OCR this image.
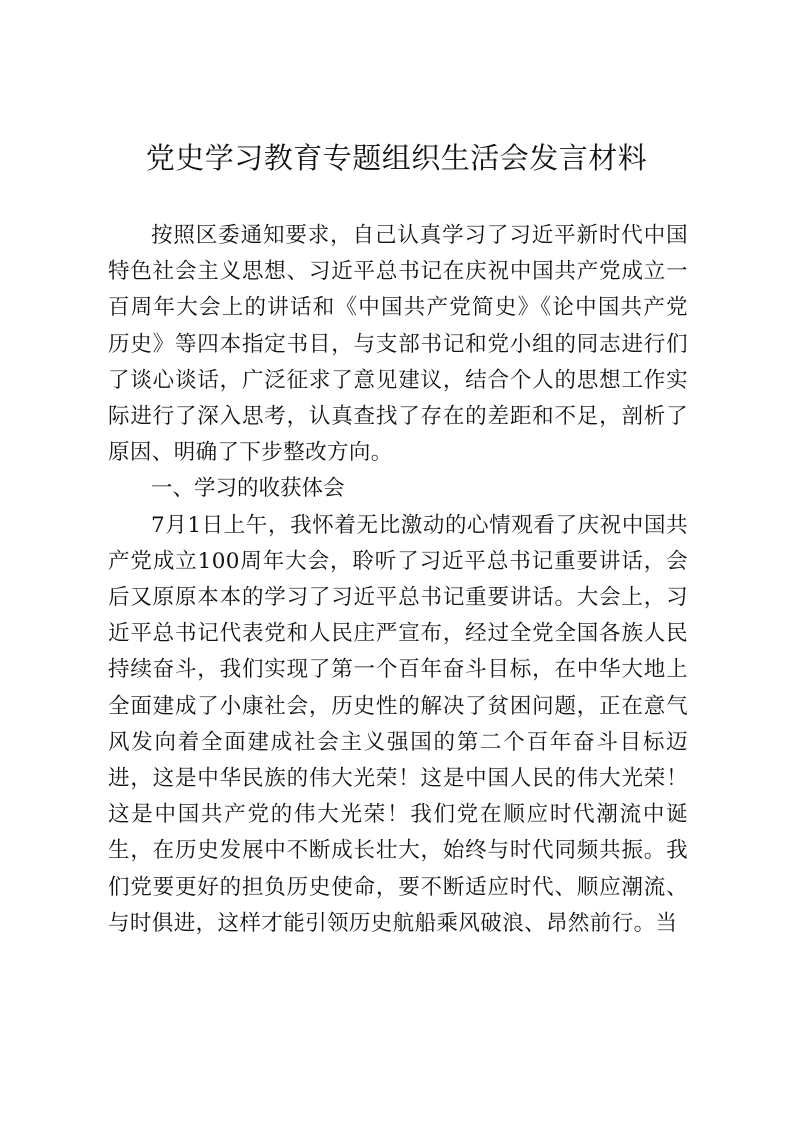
党史学习教育专题组织生活会发言材料

按照区委通知要求，自己认真学习了习近平新时代中国特色社会主义思想、习近平总书记在庆祝中国共产党成立一百周年大会上的讲话和《中国共产党简史》《论中国共产党历史》等四本指定书目，与支部书记和党小组的同志进行们了谈心谈话，广泛征求了意见建议，结合个人的思想工作实际进行了深入思考，认真查找了存在的差距和不足，剖析了原因、明确了下步整改方向。

一、学习的收获体会

7月1日上午，我怀着无比激动的心情观看了庆祝中国共产党成立100周年大会，聆听了习近平总书记重要讲话，会后又原原本本的学习了习近平总书记重要讲话。大会上，习近平总书记代表党和人民庄严宣布，经过全党全国各族人民持续奋斗，我们实现了第一个百年奋斗目标，在中华大地上全面建成了小康社会，历史性的解决了贫困问题，正在意气风发向着全面建成社会主义强国的第二个百年奋斗目标迈进，这是中华民族的伟大光荣！这是中国人民的伟大光荣！这是中国共产党的伟大光荣！我们党在顺应时代潮流中诞生，在历史发展中不断成长壮大，始终与时代同频共振。我们党要更好的担负历史使命，要不断适应时代、顺应潮流、与时俱进，这样才能引领历史航船乘风破浪、昂然前行。当
